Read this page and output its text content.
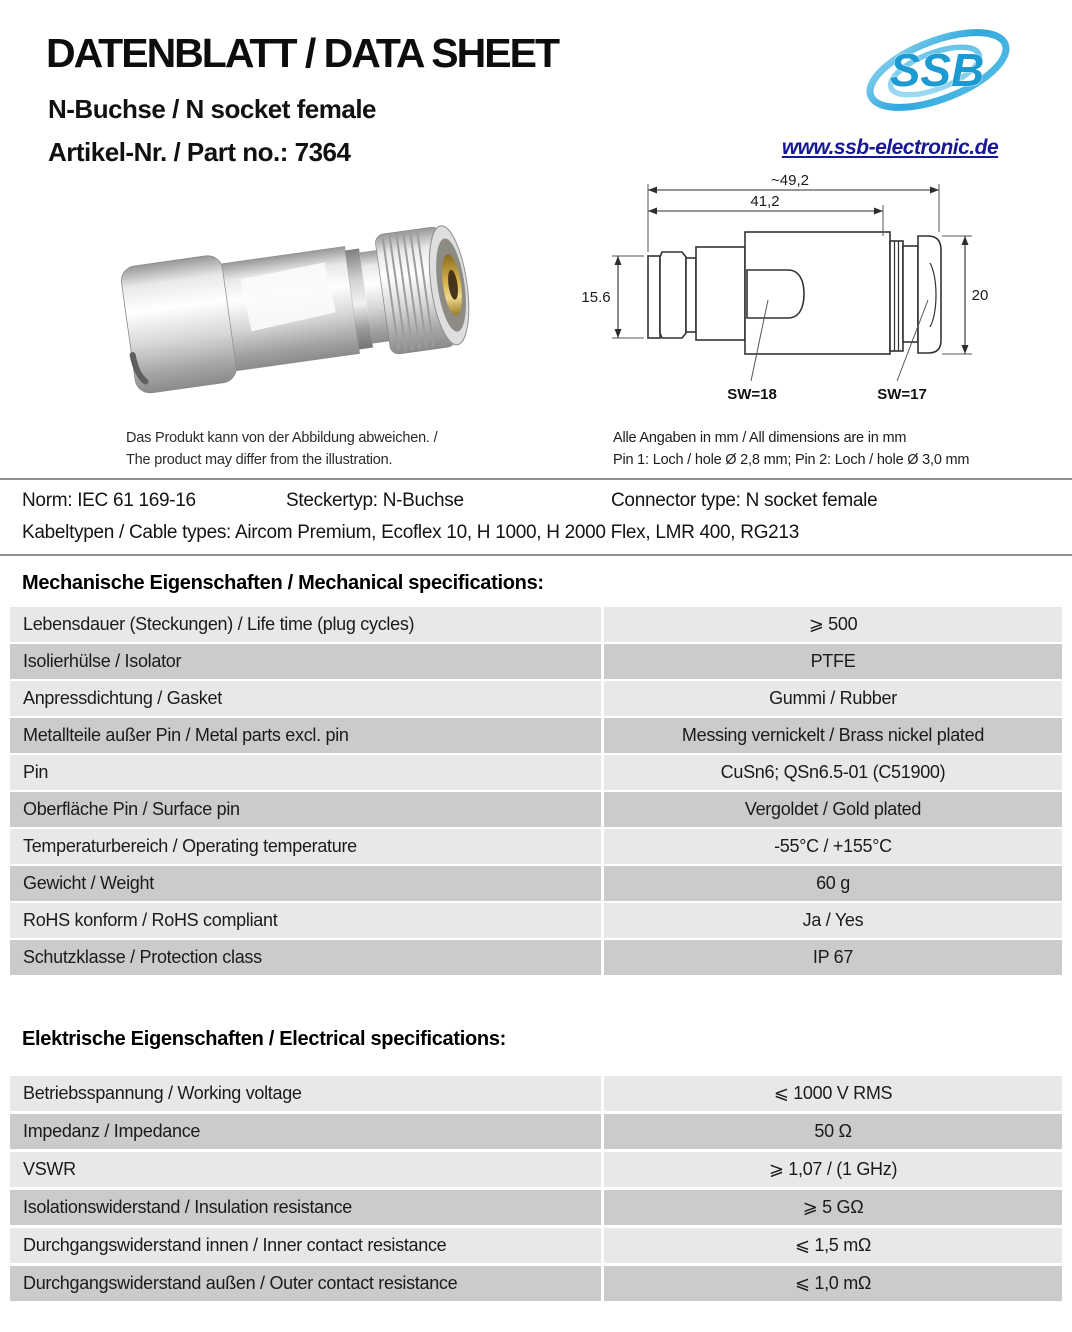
DATENBLATT / DATA SHEET
N-Buchse / N socket female
Artikel-Nr. / Part no.: 7364
SSB
www.ssb-electronic.de
Das Produkt kann von der Abbildung abweichen. /
The product may differ from the illustration.
~49,2
41,2
15.6	20
SW=18	SW=17
Alle Angaben in mm / All dimensions are in mm
Pin 1: Loch / hole Ø 2,8 mm; Pin 2: Loch / hole Ø 3,0 mm
Norm: IEC 61 169-16	Steckertyp: N-Buchse	Connector type: N socket female
Kabeltypen / Cable types: Aircom Premium, Ecoflex 10, H 1000, H 2000 Flex, LMR 400, RG213
Mechanische Eigenschaften / Mechanical specifications:
Lebensdauer (Steckungen) / Life time (plug cycles)	⩾ 500
Isolierhülse / Isolator	PTFE
Anpressdichtung / Gasket	Gummi / Rubber
Metallteile außer Pin / Metal parts excl. pin	Messing vernickelt / Brass nickel plated
Pin	CuSn6; QSn6.5-01 (C51900)
Oberfläche Pin / Surface pin	Vergoldet / Gold plated
Temperaturbereich / Operating temperature	-55°C / +155°C
Gewicht / Weight	60 g
RoHS konform / RoHS compliant	Ja / Yes
Schutzklasse / Protection class	IP 67
Elektrische Eigenschaften / Electrical specifications:
Betriebsspannung / Working voltage	⩽ 1000 V RMS
Impedanz / Impedance	50 Ω
VSWR	⩾ 1,07 / (1 GHz)
Isolationswiderstand / Insulation resistance	⩾ 5 GΩ
Durchgangswiderstand innen / Inner contact resistance	⩽ 1,5 mΩ
Durchgangswiderstand außen / Outer contact resistance	⩽ 1,0 mΩ
